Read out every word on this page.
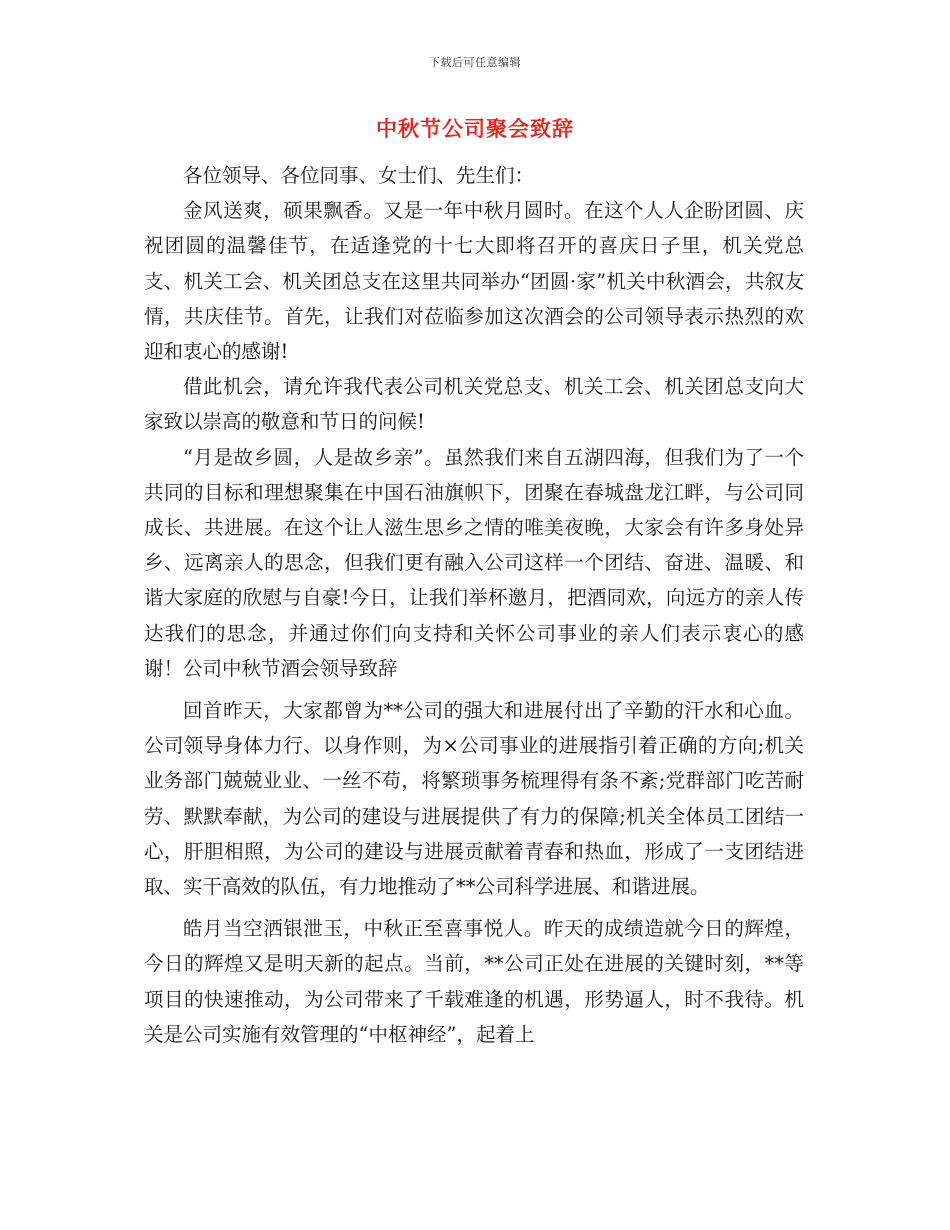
下载后可任意编辑
中秋节公司聚会致辞

各位领导、各位同事、女士们、先生们：

金风送爽，硕果飘香。又是一年中秋月圆时。在这个人人企盼团圆、庆祝团圆的温馨佳节，在适逢党的十七大即将召开的喜庆日子里，机关党总支、机关工会、机关团总支在这里共同举办“团圆·家”机关中秋酒会，共叙友情，共庆佳节。首先，让我们对莅临参加这次酒会的公司领导表示热烈的欢迎和衷心的感谢!

借此机会，请允许我代表公司机关党总支、机关工会、机关团总支向大家致以崇高的敬意和节日的问候!

“月是故乡圆，人是故乡亲”。虽然我们来自五湖四海，但我们为了一个共同的目标和理想聚集在中国石油旗帜下，团聚在春城盘龙江畔，与公司同成长、共进展。在这个让人滋生思乡之情的唯美夜晚，大家会有许多身处异乡、远离亲人的思念，但我们更有融入公司这样一个团结、奋进、温暖、和谐大家庭的欣慰与自豪!今日，让我们举杯邀月，把酒同欢，向远方的亲人传达我们的思念，并通过你们向支持和关怀公司事业的亲人们表示衷心的感谢！公司中秋节酒会领导致辞

回首昨天，大家都曾为**公司的强大和进展付出了辛勤的汗水和心血。公司领导身体力行、以身作则，为×公司事业的进展指引着正确的方向;机关业务部门兢兢业业、一丝不苟，将繁琐事务梳理得有条不紊;党群部门吃苦耐劳、默默奉献，为公司的建设与进展提供了有力的保障;机关全体员工团结一心，肝胆相照，为公司的建设与进展贡献着青春和热血，形成了一支团结进取、实干高效的队伍，有力地推动了**公司科学进展、和谐进展。

皓月当空洒银泄玉，中秋正至喜事悦人。昨天的成绩造就今日的辉煌，今日的辉煌又是明天新的起点。当前，**公司正处在进展的关键时刻，**等项目的快速推动，为公司带来了千载难逢的机遇，形势逼人，时不我待。机关是公司实施有效管理的“中枢神经”，起着上
